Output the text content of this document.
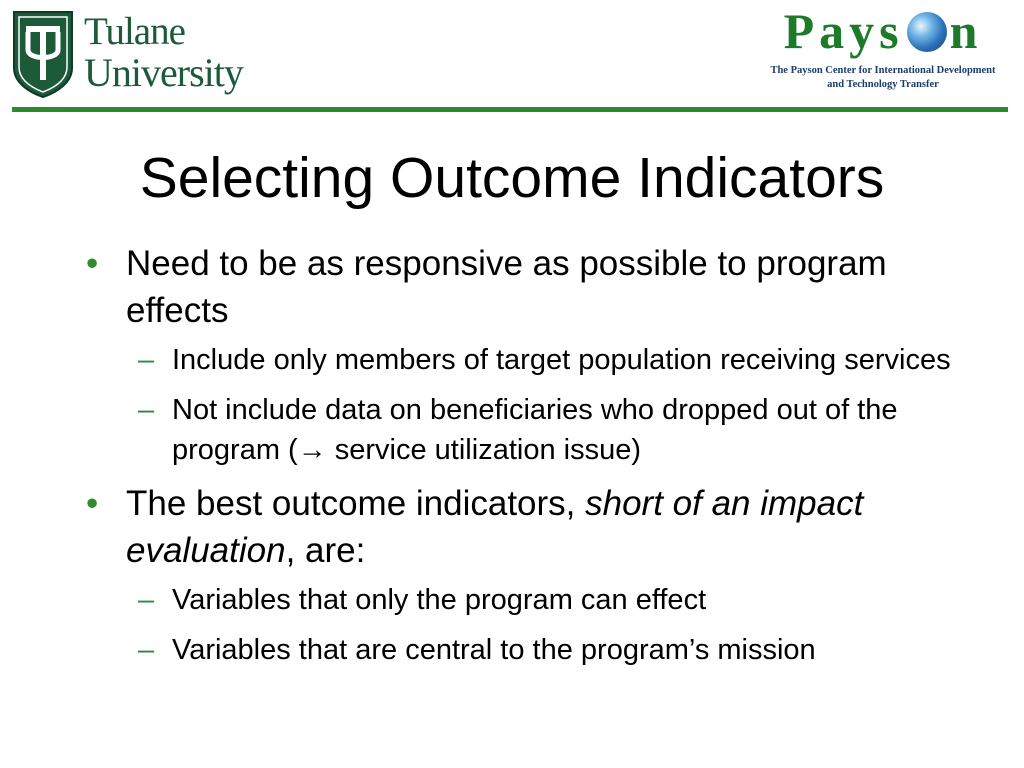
Tulane
University
Pays n
The Payson Center for International Development
and Technology Transfer
Selecting Outcome Indicators
• Need to be as responsive as possible to program effects
– Include only members of target population receiving services
– Not include data on beneficiaries who dropped out of the program (→ service utilization issue)
• The best outcome indicators, short of an impact evaluation, are:
– Variables that only the program can effect
– Variables that are central to the program’s mission
